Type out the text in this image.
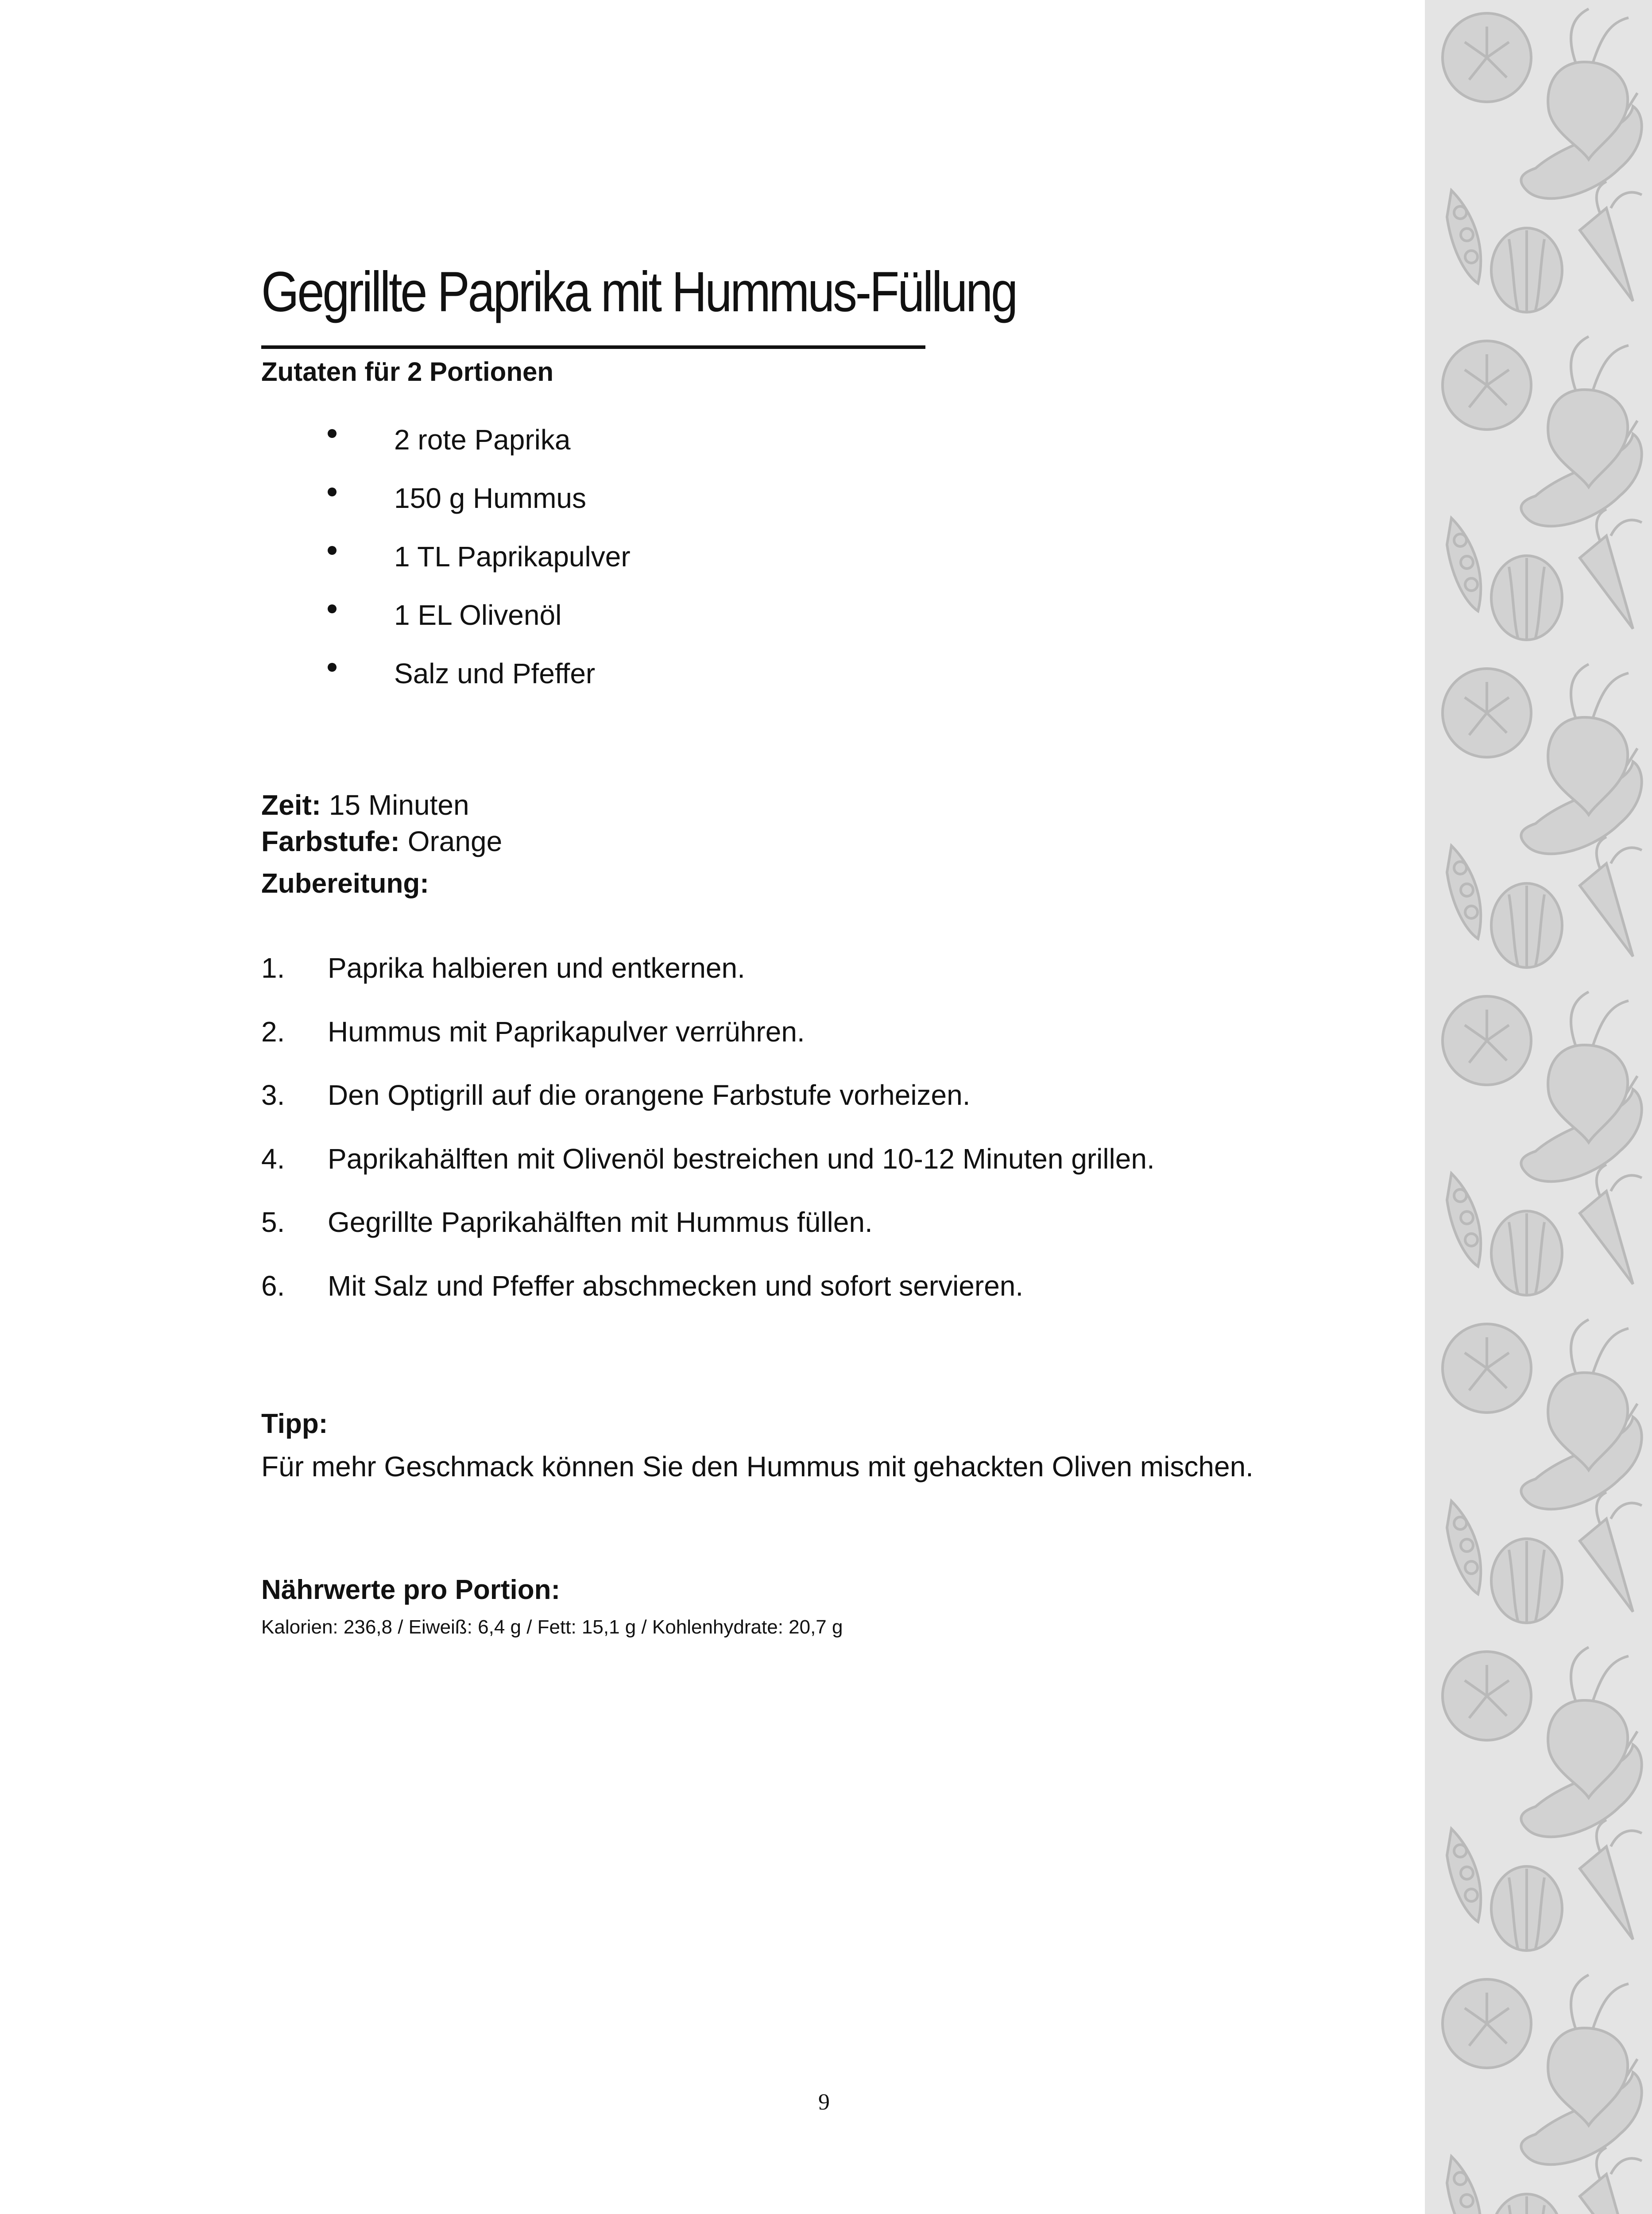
Gegrillte Paprika mit Hummus-Füllung
Zutaten für 2 Portionen
2 rote Paprika
150 g Hummus
1 TL Paprikapulver
1 EL Olivenöl
Salz und Pfeffer
Zeit: 15 Minuten
Farbstufe: Orange
Zubereitung:
1. Paprika halbieren und entkernen.
2. Hummus mit Paprikapulver verrühren.
3. Den Optigrill auf die orangene Farbstufe vorheizen.
4. Paprikahälften mit Olivenöl bestreichen und 10-12 Minuten grillen.
5. Gegrillte Paprikahälften mit Hummus füllen.
6. Mit Salz und Pfeffer abschmecken und sofort servieren.
Tipp:
Für mehr Geschmack können Sie den Hummus mit gehackten Oliven mischen.
Nährwerte pro Portion:
Kalorien: 236,8 / Eiweiß: 6,4 g / Fett: 15,1 g / Kohlenhydrate: 20,7 g
9
